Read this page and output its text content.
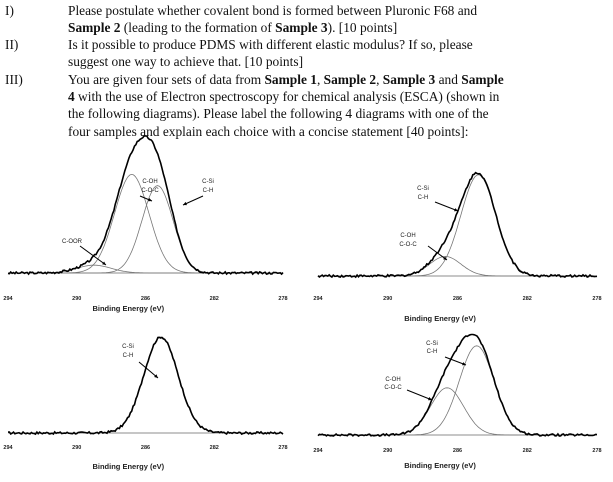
I)	Please postulate whether covalent bond is formed between Pluronic F68 and
Sample 2 (leading to the formation of Sample 3). [10 points]
II)	Is it possible to produce PDMS with different elastic modulus? If so, please
suggest one way to achieve that. [10 points]
III)	You are given four sets of data from Sample 1, Sample 2, Sample 3 and Sample
4 with the use of Electron spectroscopy for chemical analysis (ESCA) (shown in
the following diagrams). Please label the following 4 diagrams with one of the
four samples and explain each choice with a concise statement [40 points]:
C-OH
C-O-C
C-Si
C-H
C-OOR
294	290	286	282	278
Binding Energy (eV)
C-Si
C-H
C-OH
C-O-C
294	290	286	282	278
Binding Energy (eV)
C-Si
C-H
294	290	286	282	278
Binding Energy (eV)
C-Si
C-H
C-OH
C-O-C
294	290	286	282	278
Binding Energy (eV)
